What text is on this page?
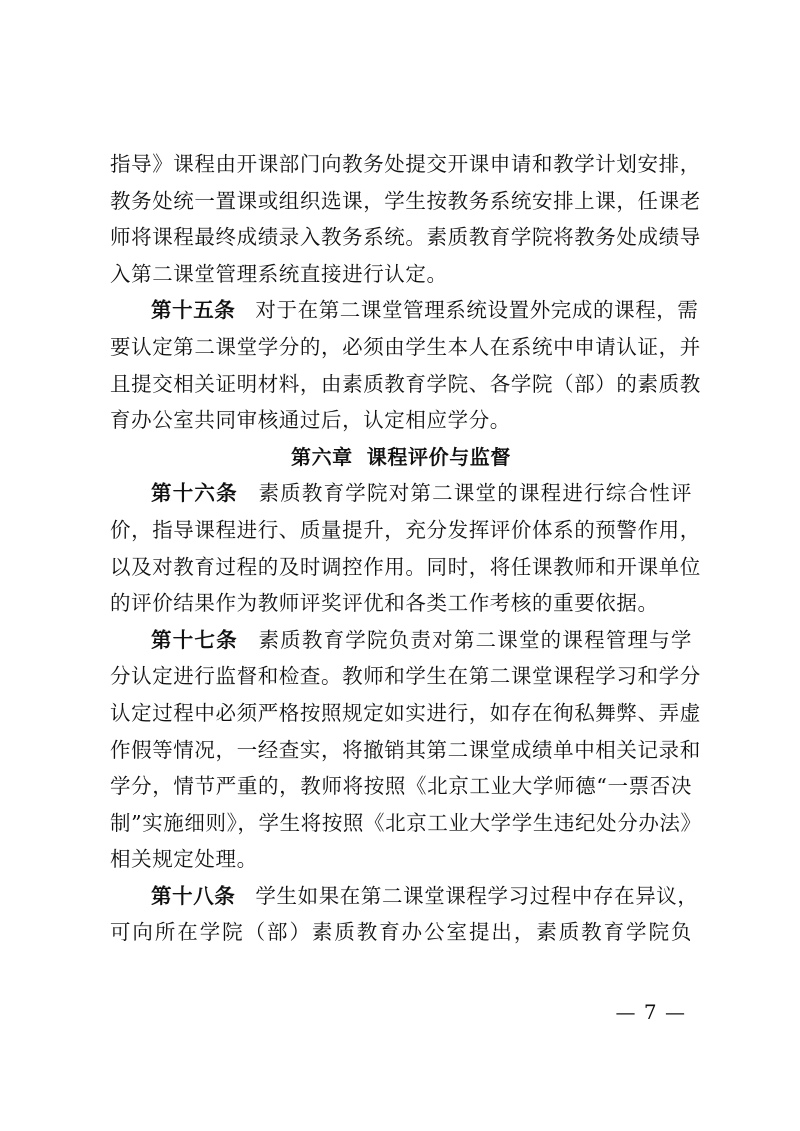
指导》课程由开课部门向教务处提交开课申请和教学计划安排，
教务处统一置课或组织选课，学生按教务系统安排上课，任课老
师将课程最终成绩录入教务系统。素质教育学院将教务处成绩导
入第二课堂管理系统直接进行认定。
第十五条 对于在第二课堂管理系统设置外完成的课程，需
要认定第二课堂学分的，必须由学生本人在系统中申请认证，并
且提交相关证明材料，由素质教育学院、各学院（部）的素质教
育办公室共同审核通过后，认定相应学分。
第六章 课程评价与监督
第十六条 素质教育学院对第二课堂的课程进行综合性评
价，指导课程进行、质量提升，充分发挥评价体系的预警作用，
以及对教育过程的及时调控作用。同时，将任课教师和开课单位
的评价结果作为教师评奖评优和各类工作考核的重要依据。
第十七条 素质教育学院负责对第二课堂的课程管理与学
分认定进行监督和检查。教师和学生在第二课堂课程学习和学分
认定过程中必须严格按照规定如实进行，如存在徇私舞弊、弄虚
作假等情况，一经查实，将撤销其第二课堂成绩单中相关记录和
学分，情节严重的，教师将按照《北京工业大学师德“一票否决
制”实施细则》，学生将按照《北京工业大学学生违纪处分办法》
相关规定处理。
第十八条 学生如果在第二课堂课程学习过程中存在异议，
可向所在学院（部）素质教育办公室提出，素质教育学院负
— 7 —
